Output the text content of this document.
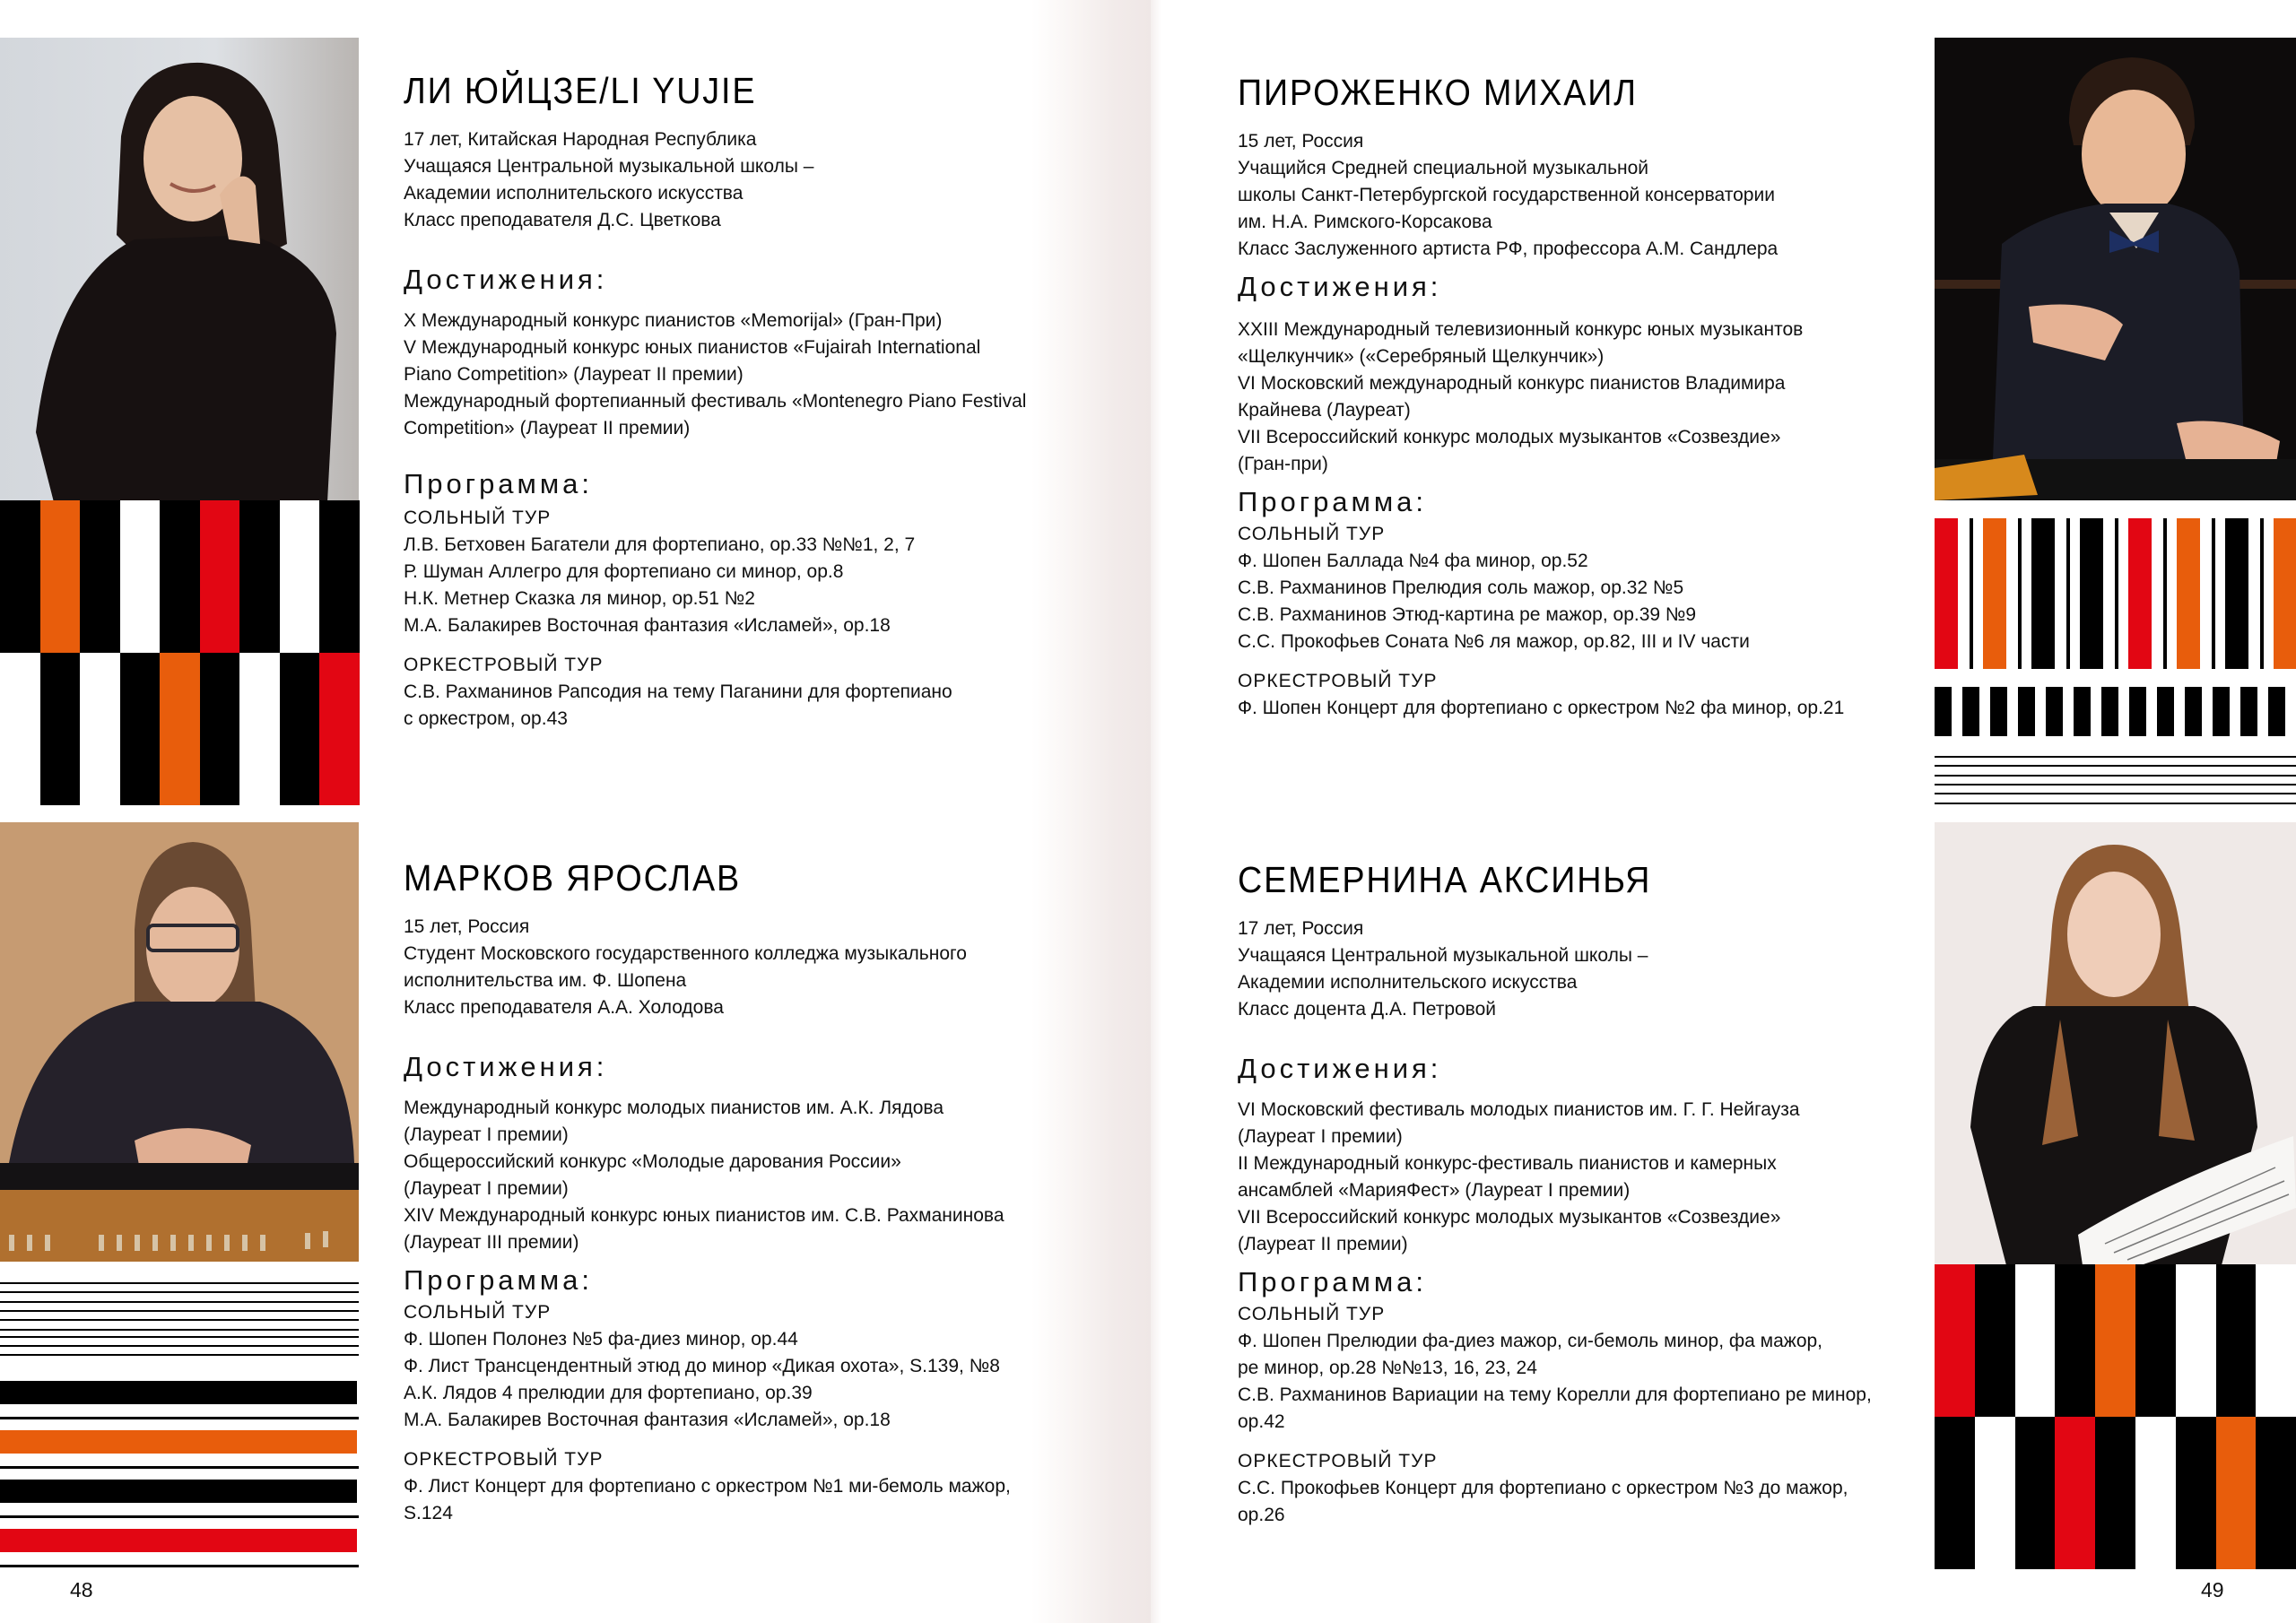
ЛИ ЮЙЦЗЕ/LI YUJIE

17 лет, Китайская Народная Республика

Учащаяся Центральной музыкальной школы –

Академии исполнительского искусства

Класс преподавателя Д.С. Цветкова

Достижения:

X Международный конкурс пианистов «Memorijal» (Гран-При)

V Международный конкурс юных пианистов «Fujairah International

Piano Competition» (Лауреат II премии)

Международный фортепианный фестиваль «Montenegro Piano Festival

Competition» (Лауреат II премии)

Программа:
СОЛЬНЫЙ ТУР

Л.В. Бетховен Багатели для фортепиано, ор.33 №№1, 2, 7

Р. Шуман Аллегро для фортепиано си минор, ор.8

Н.К. Метнер Сказка ля минор, ор.51 №2

М.А. Балакирев Восточная фантазия «Исламей», ор.18

ОРКЕСТРОВЫЙ ТУР

С.В. Рахманинов Рапсодия на тему Паганини для фортепиано

с оркестром, ор.43

ПИРОЖЕНКО МИХАИЛ

15 лет, Россия

Учащийся Средней специальной музыкальной

школы Санкт-Петербургской государственной консерватории

им. Н.А. Римского-Корсакова

Класс Заслуженного артиста РФ, профессора А.М. Сандлера

Достижения:

XXIII Международный телевизионный конкурс юных музыкантов

«Щелкунчик» («Серебряный Щелкунчик»)

VI Московский международный конкурс пианистов Владимира

Крайнева (Лауреат)

VII Всероссийский конкурс молодых музыкантов «Созвездие»

(Гран-при)

Программа:
СОЛЬНЫЙ ТУР

Ф. Шопен Баллада №4 фа минор, ор.52

С.В. Рахманинов Прелюдия соль мажор, ор.32 №5

С.В. Рахманинов Этюд-картина ре мажор, ор.39 №9

С.С. Прокофьев Соната №6 ля мажор, ор.82, III и IV части

ОРКЕСТРОВЫЙ ТУР

Ф. Шопен Концерт для фортепиано с оркестром №2 фа минор, ор.21

МАРКОВ ЯРОСЛАВ

15 лет, Россия

Студент Московского государственного колледжа музыкального

исполнительства им. Ф. Шопена

Класс преподавателя А.А. Холодова

Достижения:

Международный конкурс молодых пианистов им. А.К. Лядова

(Лауреат I премии)

Общероссийский конкурс «Молодые дарования России»

(Лауреат I премии)

XIV Международный конкурс юных пианистов им. С.В. Рахманинова

(Лауреат III премии)

Программа:
СОЛЬНЫЙ ТУР

Ф. Шопен Полонез №5 фа-диез минор, ор.44

Ф. Лист Трансцендентный этюд до минор «Дикая охота», S.139, №8

А.К. Лядов 4 прелюдии для фортепиано, ор.39

М.А. Балакирев Восточная фантазия «Исламей», ор.18

ОРКЕСТРОВЫЙ ТУР

Ф. Лист Концерт для фортепиано с оркестром №1 ми-бемоль мажор,

S.124

СЕМЕРНИНА АКСИНЬЯ

17 лет, Россия

Учащаяся Центральной музыкальной школы –

Академии исполнительского искусства

Класс доцента Д.А. Петровой

Достижения:

VI Московский фестиваль молодых пианистов им. Г. Г. Нейгауза

(Лауреат I премии)

II Международный конкурс-фестиваль пианистов и камерных

ансамблей «МарияФест» (Лауреат I премии)

VII Всероссийский конкурс молодых музыкантов «Созвездие»

(Лауреат II премии)

Программа:
СОЛЬНЫЙ ТУР

Ф. Шопен Прелюдии фа-диез мажор, си-бемоль минор, фа мажор,

ре минор, ор.28 №№13, 16, 23, 24

С.В. Рахманинов Вариации на тему Корелли для фортепиано ре минор,

ор.42

ОРКЕСТРОВЫЙ ТУР

С.С. Прокофьев Концерт для фортепиано с оркестром №3 до мажор,

ор.26

48	49
